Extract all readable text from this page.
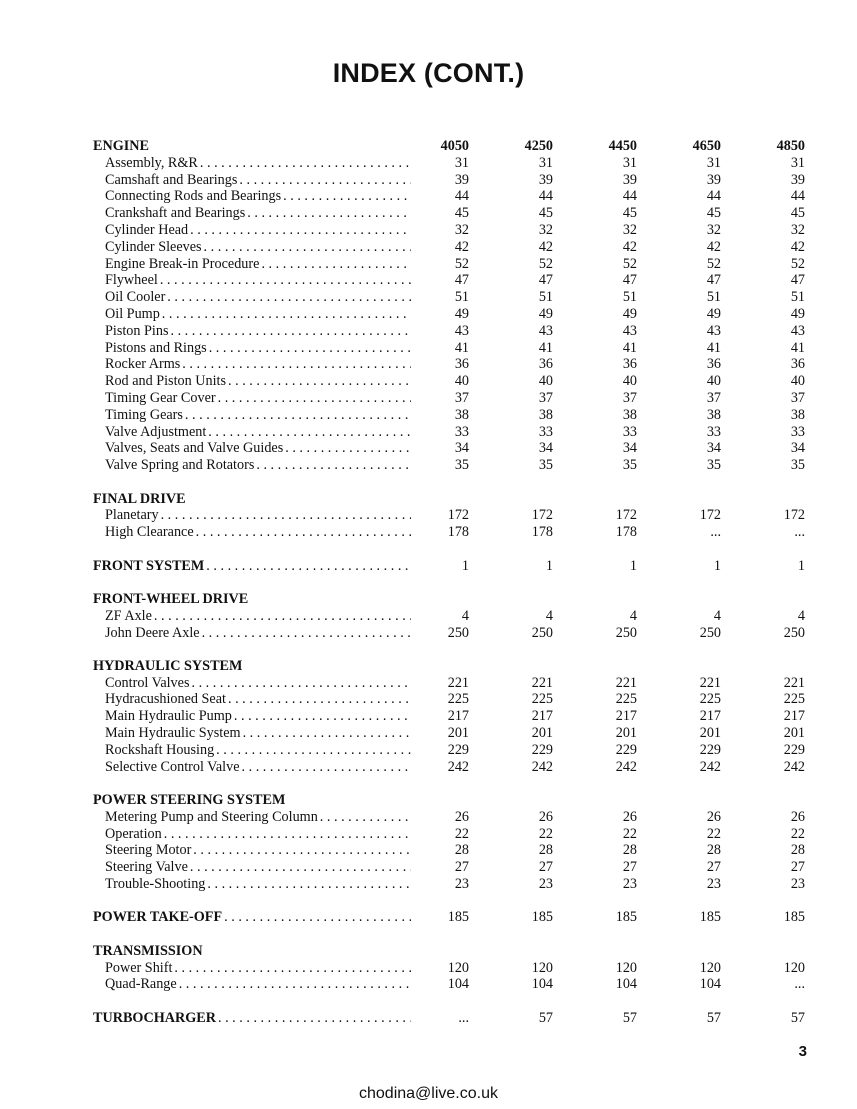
INDEX (CONT.)
ENGINE	4050	4250	4450	4650	4850
Assembly, R&R . . .	31	31	31	31	31
Camshaft and Bearings . . .	39	39	39	39	39
Connecting Rods and Bearings . . .	44	44	44	44	44
Crankshaft and Bearings . . .	45	45	45	45	45
Cylinder Head . . .	32	32	32	32	32
Cylinder Sleeves . . .	42	42	42	42	42
Engine Break-in Procedure . . .	52	52	52	52	52
Flywheel . . .	47	47	47	47	47
Oil Cooler . . .	51	51	51	51	51
Oil Pump . . .	49	49	49	49	49
Piston Pins . . .	43	43	43	43	43
Pistons and Rings . . .	41	41	41	41	41
Rocker Arms . . .	36	36	36	36	36
Rod and Piston Units . . .	40	40	40	40	40
Timing Gear Cover . . .	37	37	37	37	37
Timing Gears . . .	38	38	38	38	38
Valve Adjustment . . .	33	33	33	33	33
Valves, Seats and Valve Guides . . .	34	34	34	34	34
Valve Spring and Rotators . . .	35	35	35	35	35
FINAL DRIVE
Planetary . . .	172	172	172	172	172
High Clearance . . .	178	178	178	...	...
FRONT SYSTEM . . .	1	1	1	1	1
FRONT-WHEEL DRIVE
ZF Axle . . .	4	4	4	4	4
John Deere Axle . . .	250	250	250	250	250
HYDRAULIC SYSTEM
Control Valves . . .	221	221	221	221	221
Hydracushioned Seat . . .	225	225	225	225	225
Main Hydraulic Pump . . .	217	217	217	217	217
Main Hydraulic System . . .	201	201	201	201	201
Rockshaft Housing . . .	229	229	229	229	229
Selective Control Valve . . .	242	242	242	242	242
POWER STEERING SYSTEM
Metering Pump and Steering Column . . .	26	26	26	26	26
Operation . . .	22	22	22	22	22
Steering Motor . . .	28	28	28	28	28
Steering Valve . . .	27	27	27	27	27
Trouble-Shooting . . .	23	23	23	23	23
POWER TAKE-OFF . . .	185	185	185	185	185
TRANSMISSION
Power Shift . . .	120	120	120	120	120
Quad-Range . . .	104	104	104	104	...
TURBOCHARGER . . .	...	57	57	57	57
3
chodina@live.co.uk
